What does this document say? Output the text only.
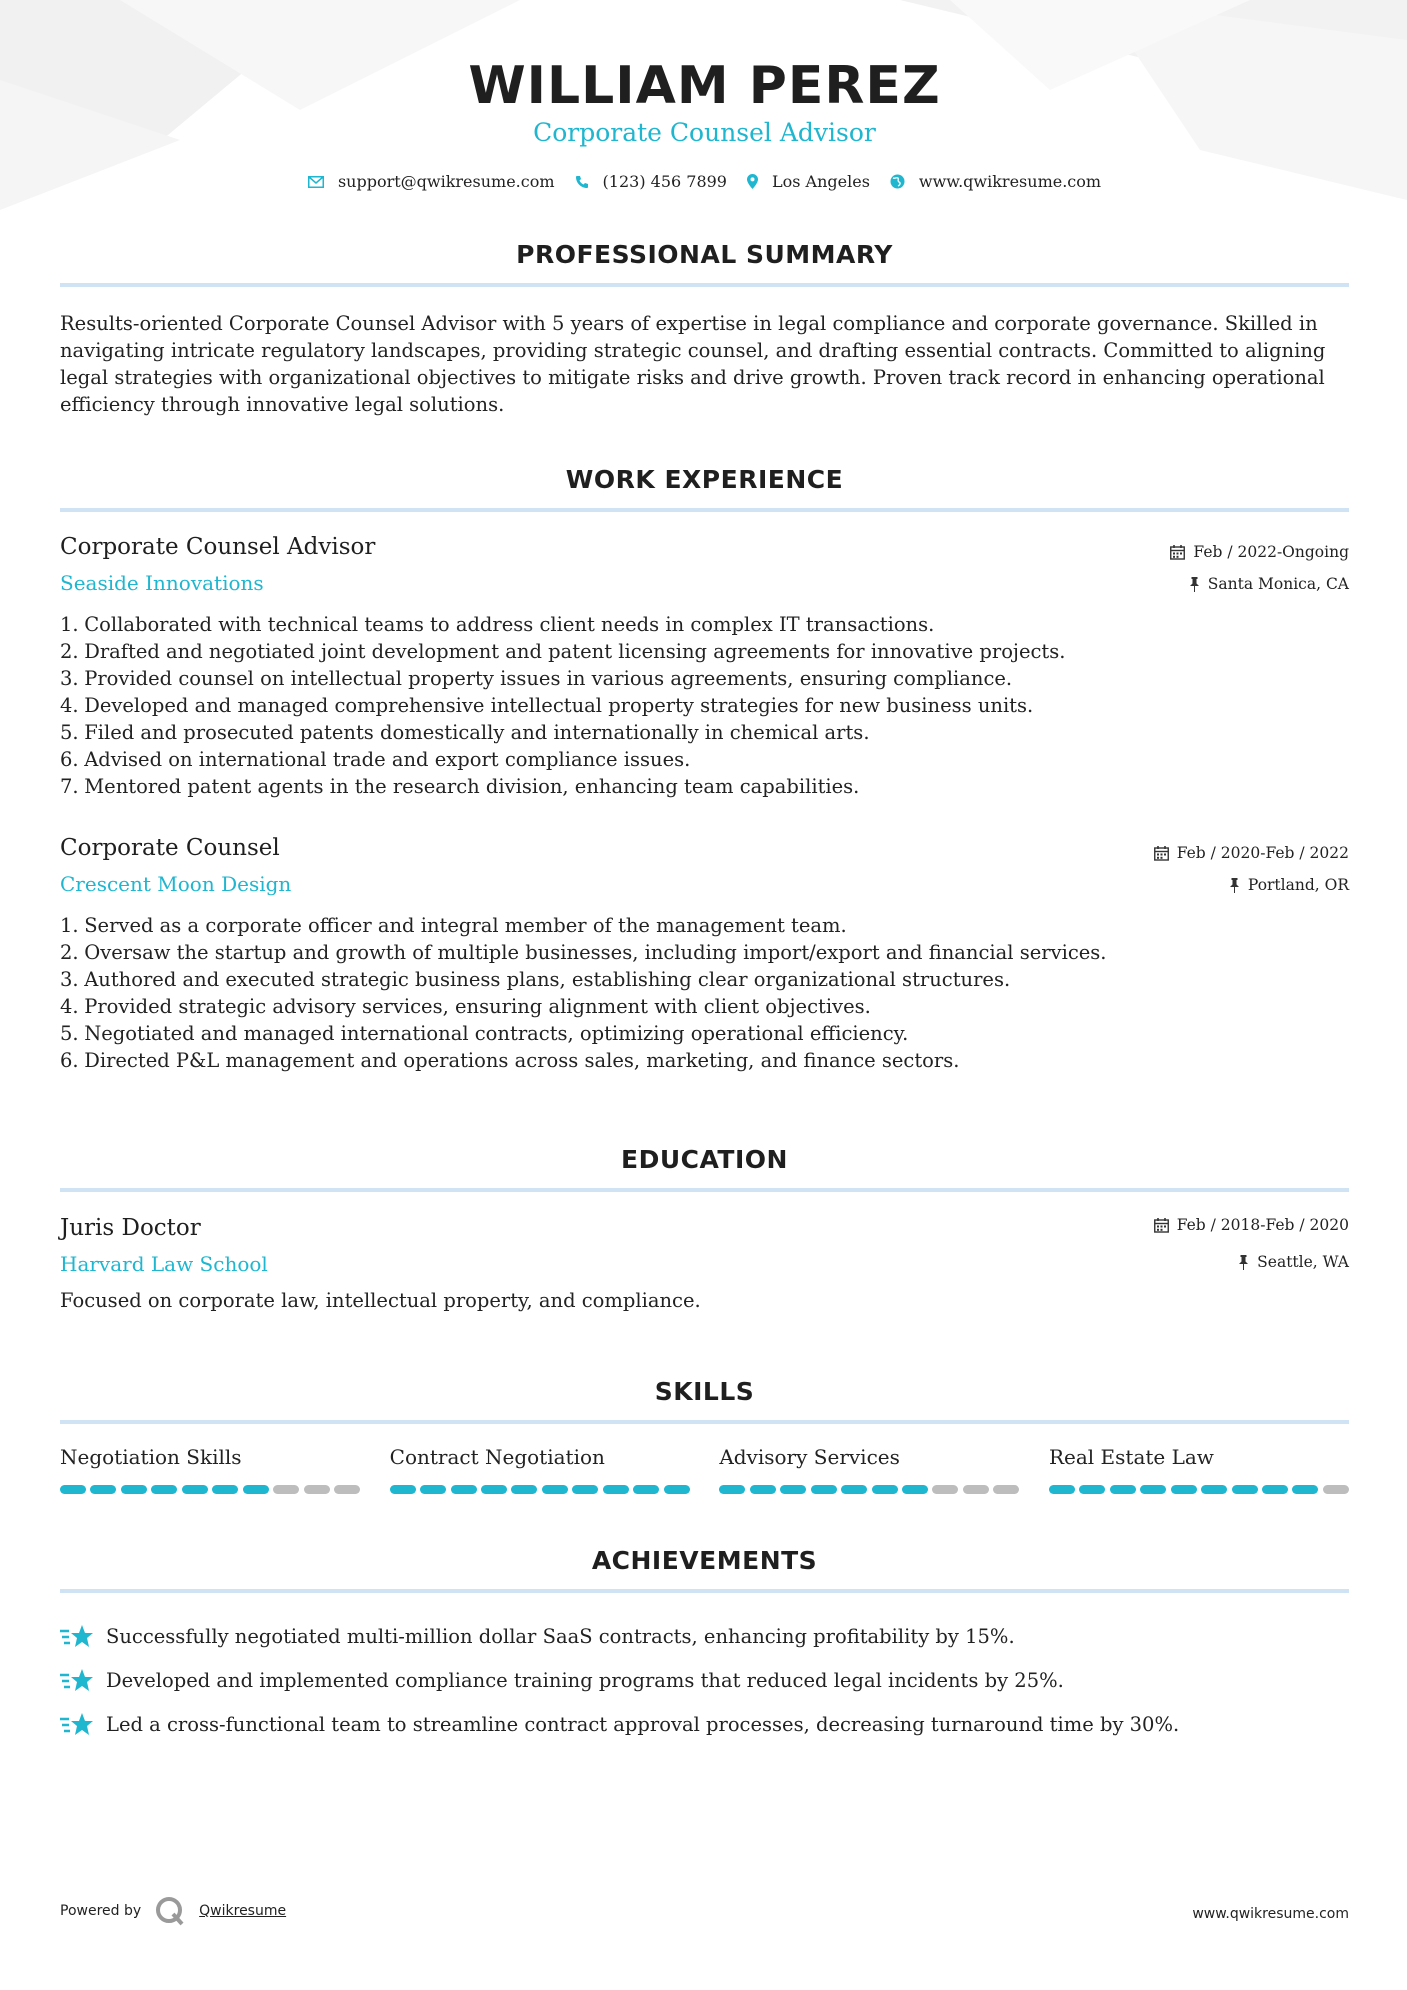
WILLIAM PEREZ
Corporate Counsel Advisor
support@qwikresume.com	(123) 456 7899	Los Angeles	www.qwikresume.com
PROFESSIONAL SUMMARY
Results-oriented Corporate Counsel Advisor with 5 years of expertise in legal compliance and corporate governance. Skilled in navigating intricate regulatory landscapes, providing strategic counsel, and drafting essential contracts. Committed to aligning legal strategies with organizational objectives to mitigate risks and drive growth. Proven track record in enhancing operational efficiency through innovative legal solutions.
WORK EXPERIENCE
Corporate Counsel Advisor
Seaside Innovations
Feb / 2022-Ongoing
Santa Monica, CA
1.
Collaborated with technical teams to address client needs in complex IT transactions.
2.
Drafted and negotiated joint development and patent licensing agreements for innovative projects.
3.
Provided counsel on intellectual property issues in various agreements, ensuring compliance.
4.
Developed and managed comprehensive intellectual property strategies for new business units.
5.
Filed and prosecuted patents domestically and internationally in chemical arts.
6.
Advised on international trade and export compliance issues.
7.
Mentored patent agents in the research division, enhancing team capabilities.
Corporate Counsel
Crescent Moon Design
Feb / 2020-Feb / 2022
Portland, OR
1.
Served as a corporate officer and integral member of the management team.
2.
Oversaw the startup and growth of multiple businesses, including import/export and financial services.
3.
Authored and executed strategic business plans, establishing clear organizational structures.
4.
Provided strategic advisory services, ensuring alignment with client objectives.
5.
Negotiated and managed international contracts, optimizing operational efficiency.
6.
Directed P&L management and operations across sales, marketing, and finance sectors.
EDUCATION
Juris Doctor
Harvard Law School
Feb / 2018-Feb / 2020
Seattle, WA
Focused on corporate law, intellectual property, and compliance.
SKILLS
Negotiation Skills	Contract Negotiation	Advisory Services	Real Estate Law
ACHIEVEMENTS
Successfully negotiated multi-million dollar SaaS contracts, enhancing profitability by 15%.
Developed and implemented compliance training programs that reduced legal incidents by 25%.
Led a cross-functional team to streamline contract approval processes, decreasing turnaround time by 30%.
Powered by	Qwikresume	www.qwikresume.com
